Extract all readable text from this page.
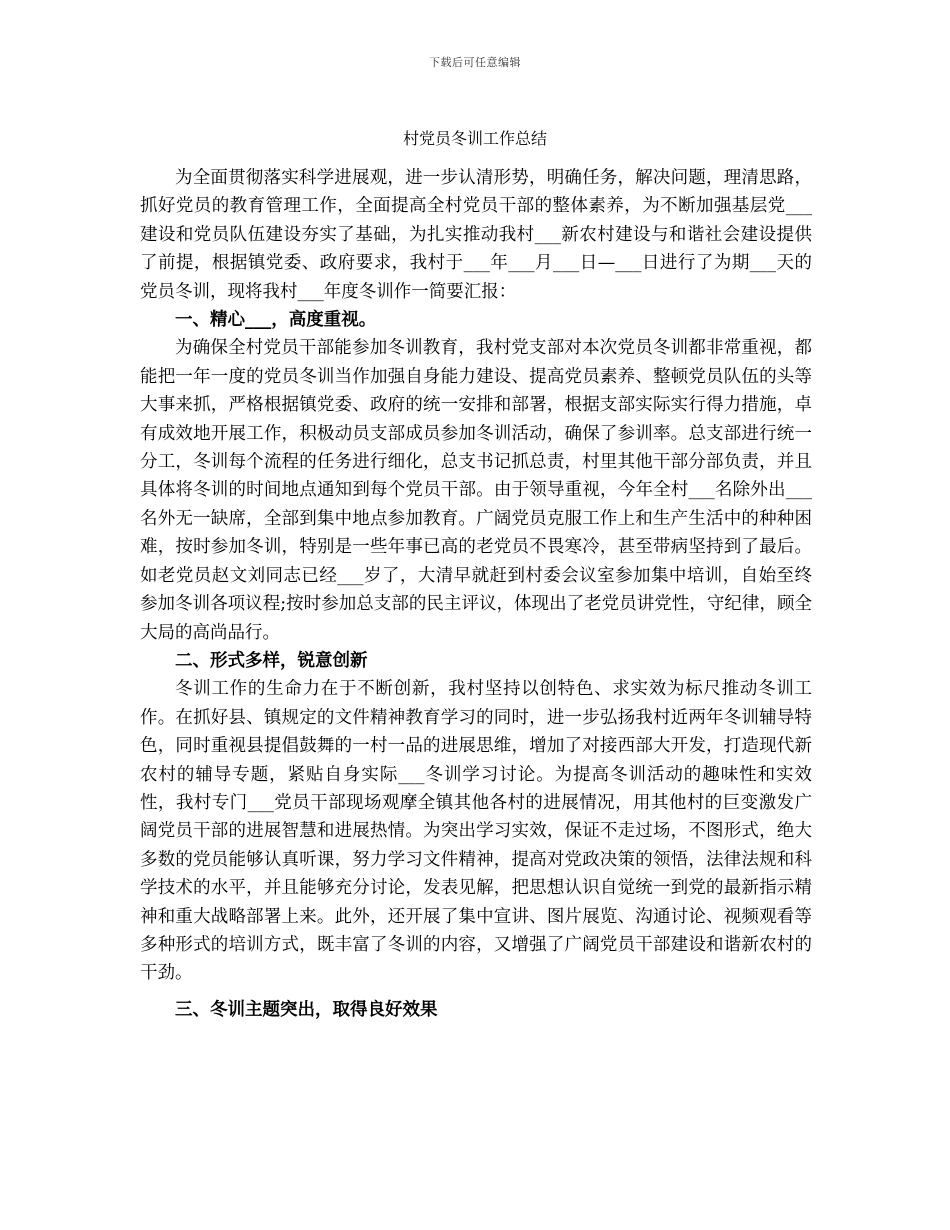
下载后可任意编辑
村党员冬训工作总结

为全面贯彻落实科学进展观，进一步认清形势，明确任务，解决问题，理清思路，抓好党员的教育管理工作，全面提高全村党员干部的整体素养，为不断加强基层党___建设和党员队伍建设夯实了基础，为扎实推动我村___新农村建设与和谐社会建设提供了前提，根据镇党委、政府要求，我村于___年___月___日—___日进行了为期___天的党员冬训，现将我村___年度冬训作一简要汇报：

一、精心___，高度重视。

为确保全村党员干部能参加冬训教育，我村党支部对本次党员冬训都非常重视，都能把一年一度的党员冬训当作加强自身能力建设、提高党员素养、整顿党员队伍的头等大事来抓，严格根据镇党委、政府的统一安排和部署，根据支部实际实行得力措施，卓有成效地开展工作，积极动员支部成员参加冬训活动，确保了参训率。总支部进行统一分工，冬训每个流程的任务进行细化，总支书记抓总责，村里其他干部分部负责，并且具体将冬训的时间地点通知到每个党员干部。由于领导重视，今年全村___名除外出___名外无一缺席，全部到集中地点参加教育。广阔党员克服工作上和生产生活中的种种困难，按时参加冬训，特别是一些年事已高的老党员不畏寒冷，甚至带病坚持到了最后。如老党员赵文刘同志已经___岁了，大清早就赶到村委会议室参加集中培训，自始至终参加冬训各项议程;按时参加总支部的民主评议，体现出了老党员讲党性，守纪律，顾全大局的高尚品行。

二、形式多样，锐意创新

冬训工作的生命力在于不断创新，我村坚持以创特色、求实效为标尺推动冬训工作。在抓好县、镇规定的文件精神教育学习的同时，进一步弘扬我村近两年冬训辅导特色，同时重视县提倡鼓舞的一村一品的进展思维，增加了对接西部大开发，打造现代新农村的辅导专题，紧贴自身实际___冬训学习讨论。为提高冬训活动的趣味性和实效性，我村专门___党员干部现场观摩全镇其他各村的进展情况，用其他村的巨变激发广阔党员干部的进展智慧和进展热情。为突出学习实效，保证不走过场，不图形式，绝大多数的党员能够认真听课，努力学习文件精神，提高对党政决策的领悟，法律法规和科学技术的水平，并且能够充分讨论，发表见解，把思想认识自觉统一到党的最新指示精神和重大战略部署上来。此外，还开展了集中宣讲、图片展览、沟通讨论、视频观看等多种形式的培训方式，既丰富了冬训的内容，又增强了广阔党员干部建设和谐新农村的干劲。

三、冬训主题突出，取得良好效果
